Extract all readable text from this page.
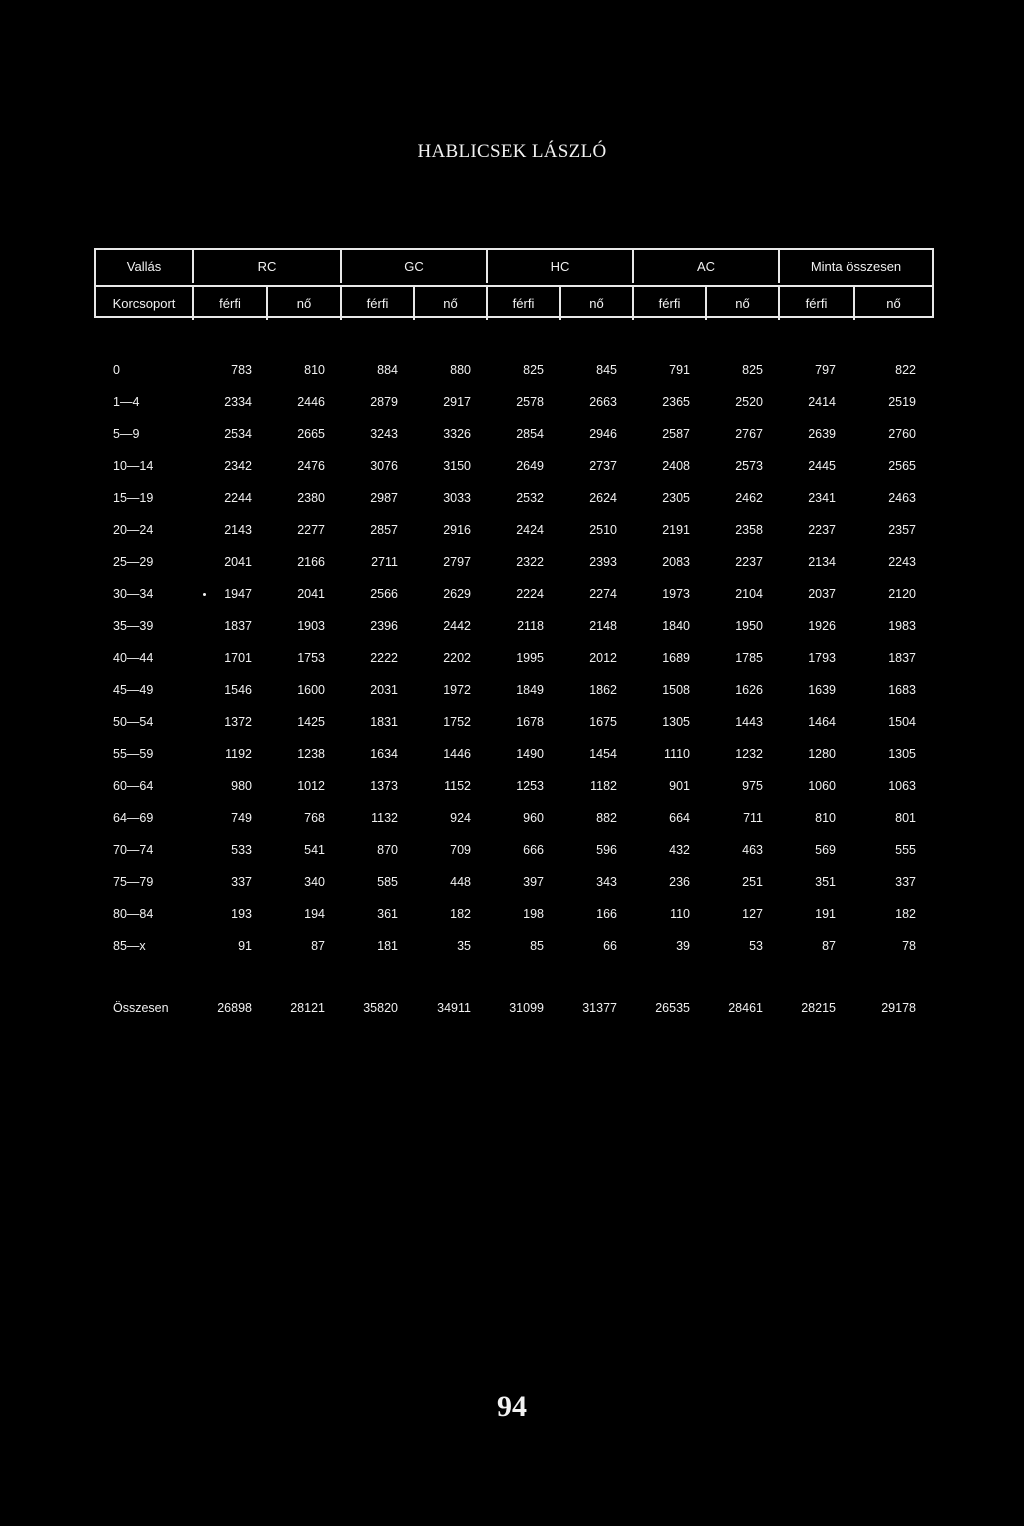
HABLICSEK LÁSZLÓ
Vallás	RC	GC	HC	AC	Minta összesen
Korcsoport	férfi	nő	férfi	nő	férfi	nő	férfi	nő	férfi	nő
0	783	810	884	880	825	845	791	825	797	822
1—4	2334	2446	2879	2917	2578	2663	2365	2520	2414	2519
5—9	2534	2665	3243	3326	2854	2946	2587	2767	2639	2760
10—14	2342	2476	3076	3150	2649	2737	2408	2573	2445	2565
15—19	2244	2380	2987	3033	2532	2624	2305	2462	2341	2463
20—24	2143	2277	2857	2916	2424	2510	2191	2358	2237	2357
25—29	2041	2166	2711	2797	2322	2393	2083	2237	2134	2243
30—34	1947	2041	2566	2629	2224	2274	1973	2104	2037	2120
35—39	1837	1903	2396	2442	2118	2148	1840	1950	1926	1983
40—44	1701	1753	2222	2202	1995	2012	1689	1785	1793	1837
45—49	1546	1600	2031	1972	1849	1862	1508	1626	1639	1683
50—54	1372	1425	1831	1752	1678	1675	1305	1443	1464	1504
55—59	1192	1238	1634	1446	1490	1454	1110	1232	1280	1305
60—64	980	1012	1373	1152	1253	1182	901	975	1060	1063
64—69	749	768	1132	924	960	882	664	711	810	801
70—74	533	541	870	709	666	596	432	463	569	555
75—79	337	340	585	448	397	343	236	251	351	337
80—84	193	194	361	182	198	166	110	127	191	182
85—x	91	87	181	35	85	66	39	53	87	78
Összesen	26898	28121	35820	34911	31099	31377	26535	28461	28215	29178
94
